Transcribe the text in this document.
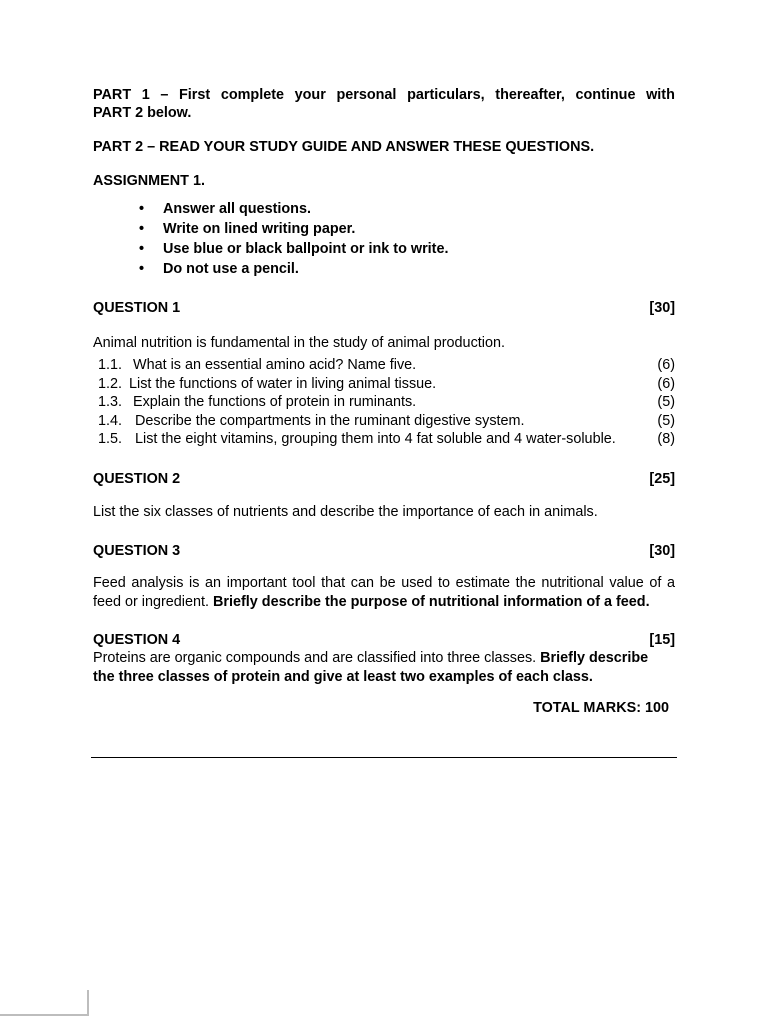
PART 1 – First complete your personal particulars, thereafter, continue with
PART 2 below.

PART 2 – READ YOUR STUDY GUIDE AND ANSWER THESE QUESTIONS.

ASSIGNMENT 1.

• Answer all questions.
• Write on lined writing paper.
• Use blue or black ballpoint or ink to write.
• Do not use a pencil.
QUESTION 1	[30]

Animal nutrition is fundamental in the study of animal production.

1.1. What is an essential amino acid? Name five.	(6)
1.2. List the functions of water in living animal tissue.	(6)
1.3. Explain the functions of protein in ruminants.	(5)
1.4. Describe the compartments in the ruminant digestive system.	(5)
1.5. List the eight vitamins, grouping them into 4 fat soluble and 4 water-soluble.	(8)
QUESTION 2	[25]

List the six classes of nutrients and describe the importance of each in animals.

QUESTION 3	[30]

Feed analysis is an important tool that can be used to estimate the nutritional value of a feed or ingredient. Briefly describe the purpose of nutritional information of a feed.

QUESTION 4	[15]

Proteins are organic compounds and are classified into three classes. Briefly describe the three classes of protein and give at least two examples of each class.

TOTAL MARKS: 100
